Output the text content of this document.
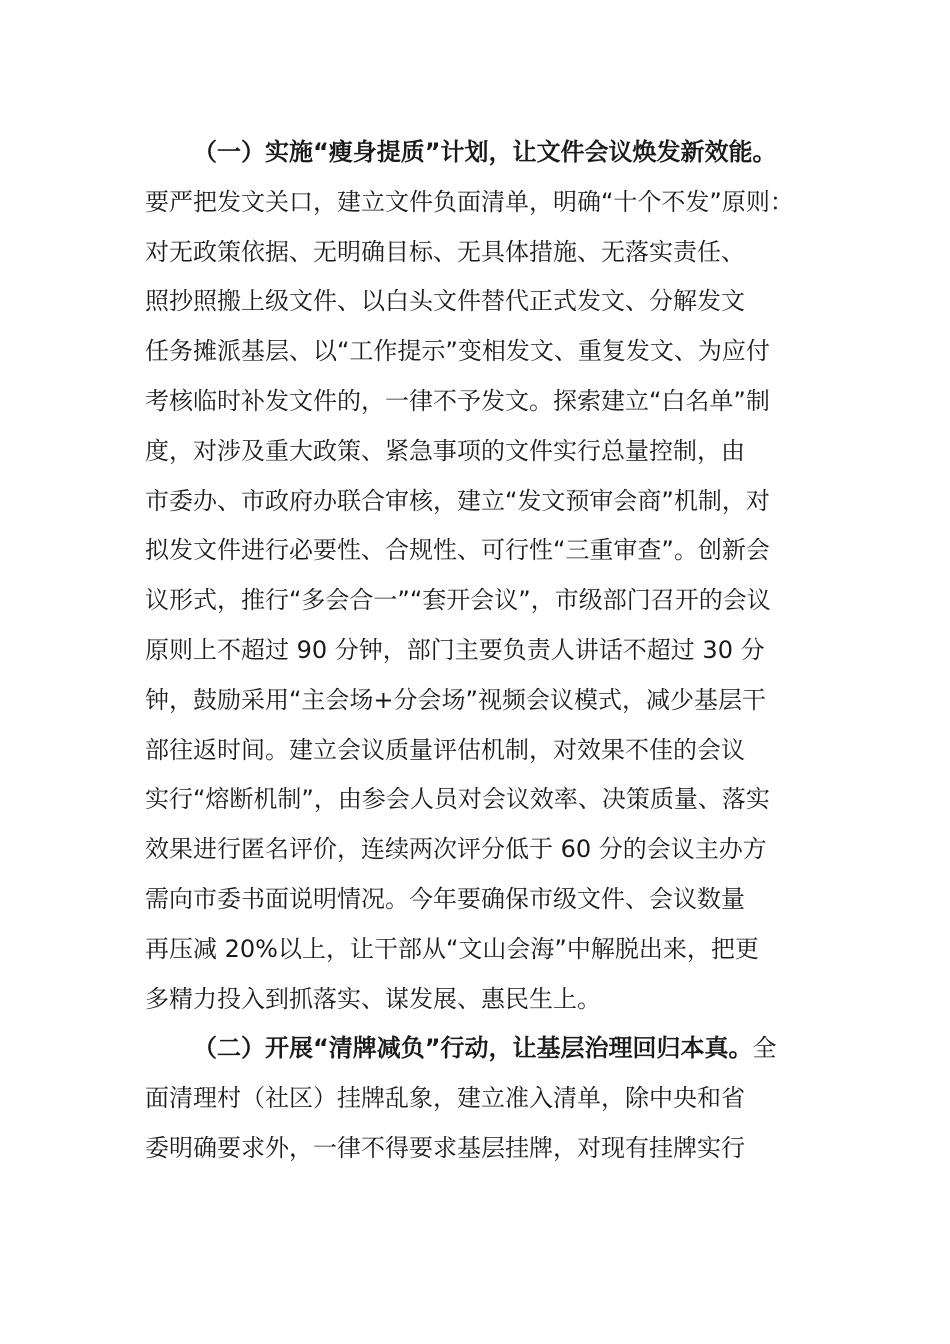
（一）实施“瘦身提质”计划，让文件会议焕发新效能。
要严把发文关口，建立文件负面清单，明确“十个不发”原则：
对无政策依据、无明确目标、无具体措施、无落实责任、
照抄照搬上级文件、以白头文件替代正式发文、分解发文
任务摊派基层、以“工作提示”变相发文、重复发文、为应付
考核临时补发文件的，一律不予发文。探索建立“白名单”制
度，对涉及重大政策、紧急事项的文件实行总量控制，由
市委办、市政府办联合审核，建立“发文预审会商”机制，对
拟发文件进行必要性、合规性、可行性“三重审查”。创新会
议形式，推行“多会合一”“套开会议”，市级部门召开的会议
原则上不超过 90 分钟，部门主要负责人讲话不超过 30 分
钟，鼓励采用“主会场+分会场”视频会议模式，减少基层干
部往返时间。建立会议质量评估机制，对效果不佳的会议
实行“熔断机制”，由参会人员对会议效率、决策质量、落实
效果进行匿名评价，连续两次评分低于 60 分的会议主办方
需向市委书面说明情况。今年要确保市级文件、会议数量
再压减 20%以上，让干部从“文山会海”中解脱出来，把更
多精力投入到抓落实、谋发展、惠民生上。
（二）开展“清牌减负”行动，让基层治理回归本真。全
面清理村（社区）挂牌乱象，建立准入清单，除中央和省
委明确要求外，一律不得要求基层挂牌，对现有挂牌实行
